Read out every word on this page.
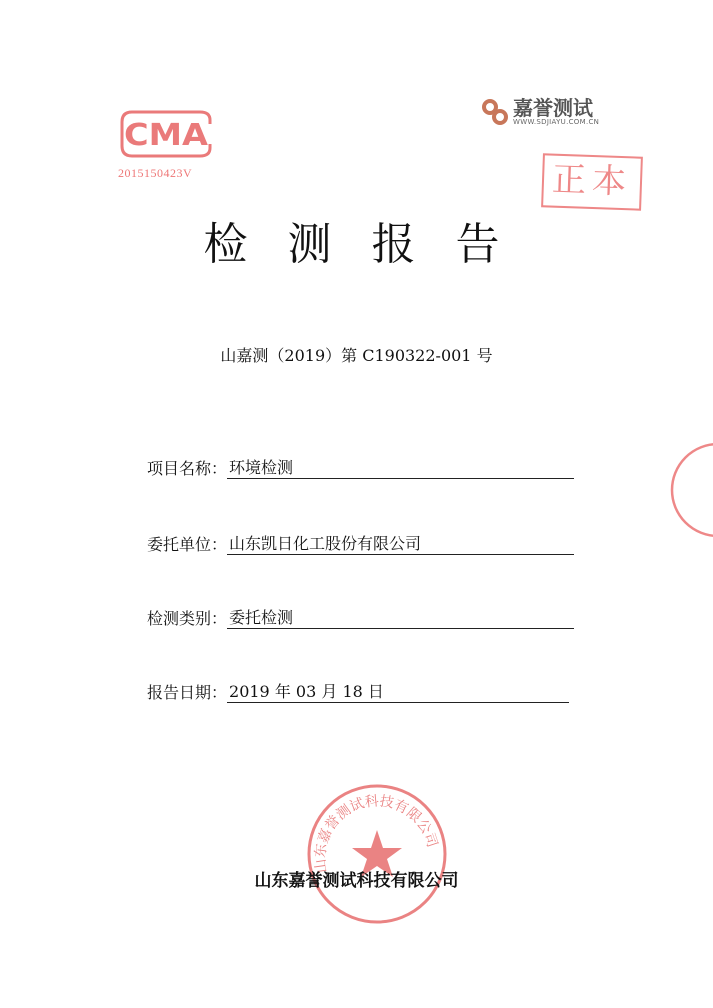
CMA
2015150423V
嘉誉测试
WWW.SDJIAYU.COM.CN
正本
检测报告
山嘉测（2019）第 C190322-001 号
项目名称： 环境检测
委托单位： 山东凯日化工股份有限公司
检测类别： 委托检测
报告日期： 2019 年 03 月 18 日
山东嘉誉测试科技有限公司
山东嘉誉测试科技有限公司
